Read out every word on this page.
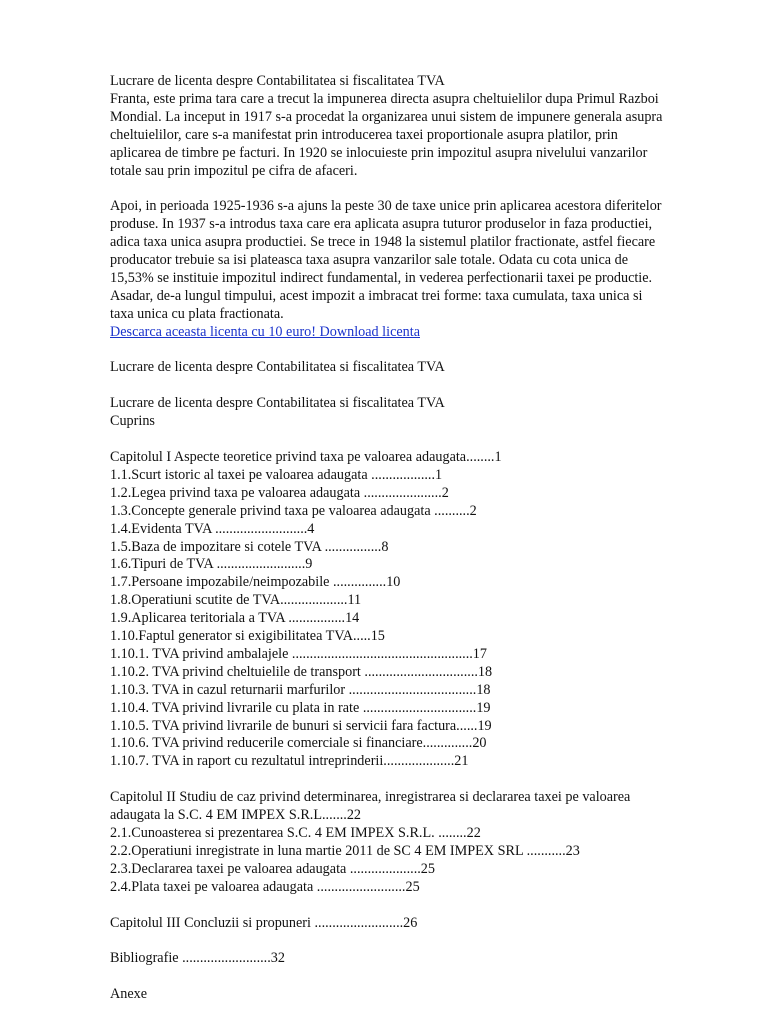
Lucrare de licenta despre Contabilitatea si fiscalitatea TVA
Franta, este prima tara care a trecut la impunerea directa asupra cheltuielilor dupa Primul Razboi
Mondial. La inceput in 1917 s-a procedat la organizarea unui sistem de impunere generala asupra
cheltuielilor, care s-a manifestat prin introducerea taxei proportionale asupra platilor, prin
aplicarea de timbre pe facturi. In 1920 se inlocuieste prin impozitul asupra nivelului vanzarilor
totale sau prin impozitul pe cifra de afaceri.
Apoi, in perioada 1925-1936 s-a ajuns la peste 30 de taxe unice prin aplicarea acestora diferitelor
produse. In 1937 s-a introdus taxa care era aplicata asupra tuturor produselor in faza productiei,
adica taxa unica asupra productiei. Se trece in 1948 la sistemul platilor fractionate, astfel fiecare
producator trebuie sa isi plateasca taxa asupra vanzarilor sale totale. Odata cu cota unica de
15,53% se instituie impozitul indirect fundamental, in vederea perfectionarii taxei pe productie.
Asadar, de-a lungul timpului, acest impozit a imbracat trei forme: taxa cumulata, taxa unica si
taxa unica cu plata fractionata.
Descarca aceasta licenta cu 10 euro! Download licenta
Lucrare de licenta despre Contabilitatea si fiscalitatea TVA
Lucrare de licenta despre Contabilitatea si fiscalitatea TVA
Cuprins
Capitolul I Aspecte teoretice privind taxa pe valoarea adaugata........1
1.1.Scurt istoric al taxei pe valoarea adaugata ..................1
1.2.Legea privind taxa pe valoarea adaugata ......................2
1.3.Concepte generale privind taxa pe valoarea adaugata ..........2
1.4.Evidenta TVA ..........................4
1.5.Baza de impozitare si cotele TVA ................8
1.6.Tipuri de TVA .........................9
1.7.Persoane impozabile/neimpozabile ...............10
1.8.Operatiuni scutite de TVA...................11
1.9.Aplicarea teritoriala a TVA ................14
1.10.Faptul generator si exigibilitatea TVA.....15
1.10.1. TVA privind ambalajele ...................................................17
1.10.2. TVA privind cheltuielile de transport ................................18
1.10.3. TVA in cazul returnarii marfurilor ....................................18
1.10.4. TVA privind livrarile cu plata in rate ................................19
1.10.5. TVA privind livrarile de bunuri si servicii fara factura......19
1.10.6. TVA privind reducerile comerciale si financiare..............20
1.10.7. TVA in raport cu rezultatul intreprinderii....................21
Capitolul II Studiu de caz privind determinarea, inregistrarea si declararea taxei pe valoarea
adaugata la S.C. 4 EM IMPEX S.R.L.......22
2.1.Cunoasterea si prezentarea S.C. 4 EM IMPEX S.R.L. ........22
2.2.Operatiuni inregistrate in luna martie 2011 de SC 4 EM IMPEX SRL ...........23
2.3.Declararea taxei pe valoarea adaugata ....................25
2.4.Plata taxei pe valoarea adaugata .........................25
Capitolul III Concluzii si propuneri .........................26
Bibliografie .........................32
Anexe
